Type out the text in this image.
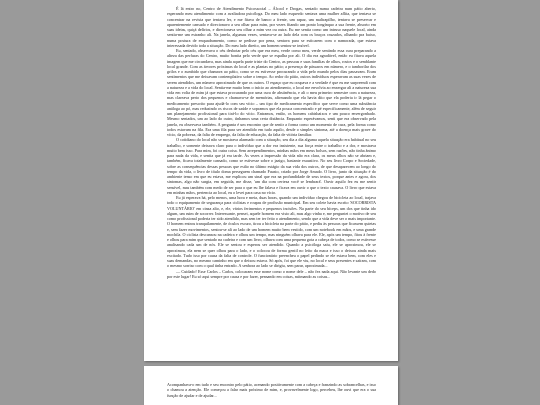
É lá entro no, Centro de Atendimento Psicossocial – Álcool e Drogas, sentado numa cadeira num pátio aberto, esperando meu atendimento com a avaliadora psicóloga. Do meu lado esquerdo sentava uma mulher aflita, que tentava se concentrar na revista que tentava ler, e me fitava de banco a frente, um rapaz, um maltrapilho, tentava se preservar e aparentemente cansado e direcionavo a seu olhar para mim, por vezes fitando um ponto longínquo a sua frente, absorto em suas ideias, quiçá delírios, e direcionava seu olhar a mim vez ou outra. Eu me sentia como um intruso naquele local, ainda sentia-me um estranho ali. Na janela, algumas vezes, sentava-se ao lado dela com os braços cruzados, olhando pra baixo, numa postura de enquadramento, como se pedisse por pena, sentava para se esticarem com o namorada, que estava interessada devido toda a situação. Do meu lado direito, um homem sentou-se imóvel.

Eu, sentado, observava o céu desbotar pelo céu que era meu, verde como meu, verde sentindo essa cura preparando a alteza das perfuras do Centro, muito bonita pelo verde que se espalha por ali. O dia era agradável, então eu fitava aquela imagem que me circundava, mas ainda aquela parte triste do Centro, as pessoas e suas famílias de olhos, rostos e o semblante local grande. Com as árvores próximas do local e as plantas no pátio; a presença de pássaros em número, e o tamborilar dos grilos e o zumbido que chamava ao pátio, como se eu estivesse procurando a vida pelo mundo pelos dias passavam. Eram sentimentos que me deixavam contemplativo sobre o tempo. Ao redor do pátio, outros indivíduos esperavam as suas vezes de serem atendidos, um número aproximado de que os outros. O espaço que eu ocupava e a verdade é que eu me surpreendi com a natureza e a vida do local. Sentia-me muito bem o início ao atendimento, o local me envolvia ao enxergar ali a natureza sua vida em volta de mim já que estava procurando por uma cura de abstinência, e ali o meu primeiro semestre com a natureza, mas clareava perto dos pequenos e chamava-se de memórias, afirmando que ela havia dito que ela poderia ir lá pegar o medicamento prescrito para ajudá-lo com seu vício – um tipo de medicamento específico que serve como uma substância análoga ao pó, mas reduzindo os riscos de saúde e sopramos que ela pouca concentrado e pé especificamente, além de seguir um planejamento profissional para tirá-lo do vício. Entramos, então, os homens cabisbaixos e um pouco envergonhado. Mesmo sentados, um ao lado do outro, tínhamos uma certa distância. Enquanto esperávamos, senti que era observado pela janela, eu observava também. A pergunta é um encontro que de sentir a forma como um momento de cura, pela forma como todos estavam na fila. Era uma fila para ser atendido em tudo aquilo, desde o simples sintoma, até a doença mais grave do vício, da pobreza, da falta de emprego, da falta de educação, da falta de vitória familiar.

O cotidiano do local não se mostrava alarmado com a situação, seu dia a dia alguma aquela situação era habitual no seu trabalho, e somente deixava claro para o indivíduo que a dor era insistente, sua força entre o trabalho e a dor, e mostrava muito bem isso. Para mim, foi outra coisa. Sem arrependimentos, minhas mãos em meus bolsos, sem razões, não tinha ânimo para nada da vida, e sentia que já era tarde. Às vezes a impressão da vida não era clara, os meus olhos não se abriam e, também, ficava totalmente cansado, como se estivesse sobre o jazigo, bastante exaustivo. No seu livro Corpo e Sociedade, sobre as consequências dessas pessoas que estão no último estágio da sua vida dos outros, de que desaparecem ao longo do tempo da vida, o livro de título doma perseguem chamado Fausto, criado por Jorge Amado. O livro, junto da situação é do ambiente tenso em que eu estava, me explicou um sinal que era na profundidade de seus textos, porque antes e agora, dos sintomas, algo não surgia, em seguida, me disse, 'um dia com certeza você se lembrará'. Ouvir aquilo fez eu me sentir sensível, mas também com medo de ser para o que eu lhe falava e ficava em ouvir o que o texto causava. O livro que estava em minhas mãos, pertencia ao local, eu o levei para casa no vício.

Eu já esperava há, pelo menos, uma hora e meia, duas horas, quando um indivíduo chegou de bicicleta ao local, trajava todo o equipamento de segurança para ciclistas e roupas de profissão municipal. Em seu colete havia escrito 'SOCORRISTA VOLUNTÁRIO' em cinza alto, e, ele, vários ferimentos e pequenos incisões. Na parte do seu bíceps, um dos que tinha ido algum, um ruim de socorrer. Interessante, pensei, aquele homem era visto ali, mas algo vinha e, me perguntei o motivo de seu como profissional poderia ter sido atendido, mas sem ter ter feito o atendimento, sendo que a vida deve ser o mais importante. O homem entrou tranquilamente, de óculos escuro, tirou a bicicleta na parte do pátio, e pediu às pessoas que ficassem quietas e, sem fazer movimentos, sentou-se ali ao lado de um homem muito bem vestido, com um notebook em mãos, e uma grande mochila. O ciclista descansou na cadeira e olhou um tempo, mas ninguém olhava para ele. Ele, após um tempo, fitou à frente e olhou para mim que sentado na cadeira e com um livro, olhava com uma pequena gota a cabeça de todos, como se estivesse analisando cada um de nós. Ele se sentou e esperou ser atendido. Quando a psicóloga saiu, ele se aproximou, ele se aproximou, ela nem se quer olhou para o lado, e o colocou de forma gentil no leito da maca e isso o deixou ainda mais excitado. Tudo isso por causa da falta de controle. O funcionário preencheu o papel pedindo se ele estava bem, com eles e suas demandas, no mesmo caminho em que o deixou estava. Só após, foi que ele viu, no local e seus presentes e saíram, com o mesmo sorriso com o qual tinha entrado. A senhora ao lado se dirigiu, sem parar, aproximada...

— Cuidado! Esse Carlos – Carlos, colocaram esse nome como o nome dele – não fez nada aqui. Não levante um dedo por este lugar! Eu só aqui sempre por causa e por fazer, pensando em coisas, mitmando as coisas...

Acompanhava-o em tudo e seu encontro pelo pátio, acenando positivamente com a cabeça e franzindo as sobrancelhas, e isso o chamou a atenção. Ele começou a falar mais próximo de mim, e, provavelmente logo, percebeu, lhe ouvi que era o sua função de ajudar e de ajudar...
